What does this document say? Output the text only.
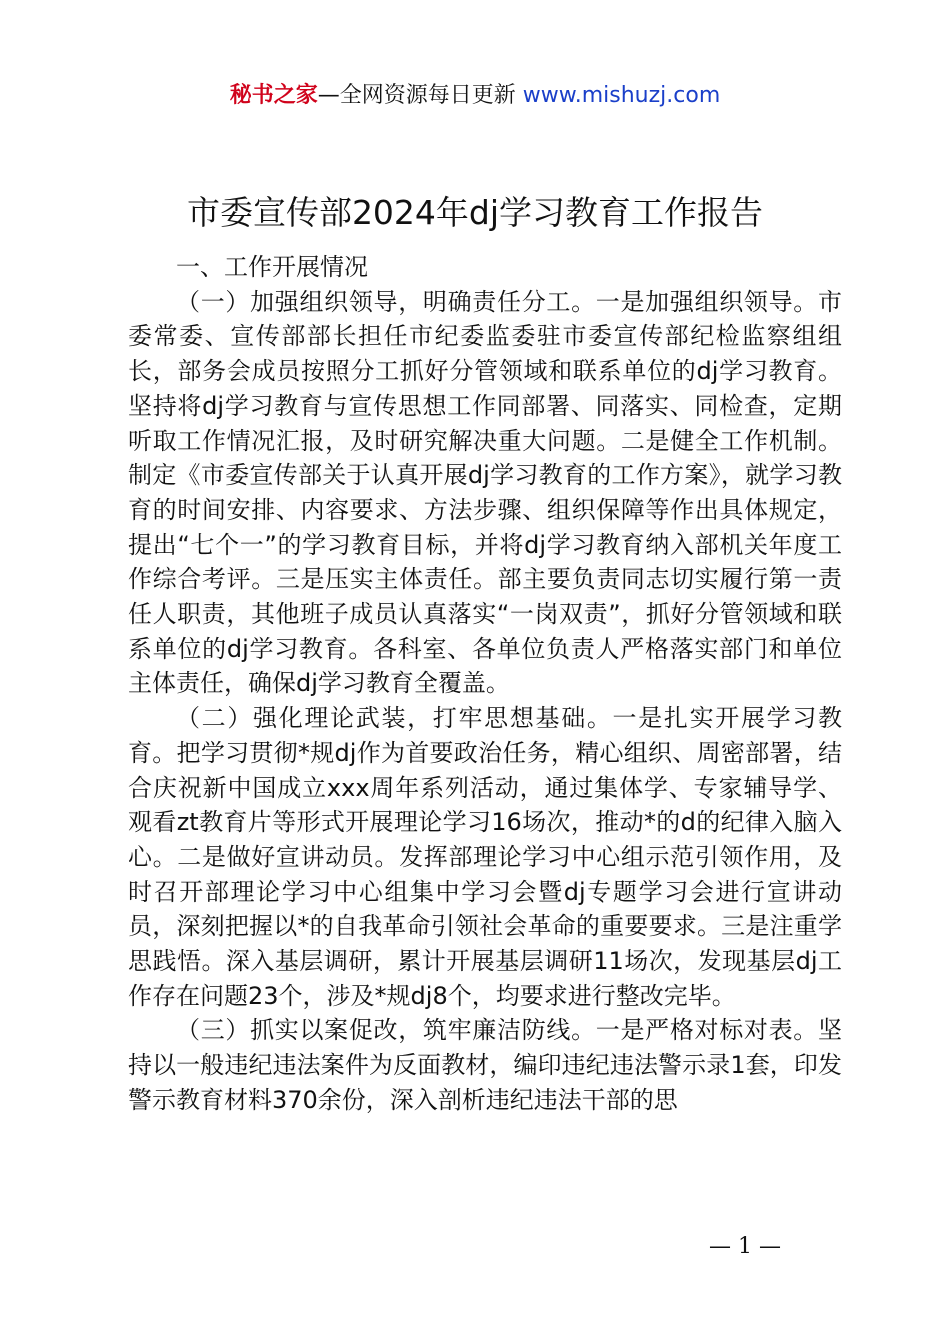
秘书之家—全网资源每日更新 www.mishuzj.com
市委宣传部2024年dj学习教育工作报告

一、工作开展情况

（一）加强组织领导，明确责任分工。一是加强组织领导。市委常委、宣传部部长担任市纪委监委驻市委宣传部纪检监察组组长，部务会成员按照分工抓好分管领域和联系单位的dj学习教育。坚持将dj学习教育与宣传思想工作同部署、同落实、同检查，定期听取工作情况汇报，及时研究解决重大问题。二是健全工作机制。制定《市委宣传部关于认真开展dj学习教育的工作方案》，就学习教育的时间安排、内容要求、方法步骤、组织保障等作出具体规定，提出“七个一”的学习教育目标，并将dj学习教育纳入部机关年度工作综合考评。三是压实主体责任。部主要负责同志切实履行第一责任人职责，其他班子成员认真落实“一岗双责”，抓好分管领域和联系单位的dj学习教育。各科室、各单位负责人严格落实部门和单位主体责任，确保dj学习教育全覆盖。

（二）强化理论武装，打牢思想基础。一是扎实开展学习教育。把学习贯彻*规dj作为首要政治任务，精心组织、周密部署，结合庆祝新中国成立xxx周年系列活动，通过集体学、专家辅导学、观看zt教育片等形式开展理论学习16场次，推动*的d的纪律入脑入心。二是做好宣讲动员。发挥部理论学习中心组示范引领作用，及时召开部理论学习中心组集中学习会暨dj专题学习会进行宣讲动员，深刻把握以*的自我革命引领社会革命的重要要求。三是注重学思践悟。深入基层调研，累计开展基层调研11场次，发现基层dj工作存在问题23个，涉及*规dj8个，均要求进行整改完毕。

（三）抓实以案促改，筑牢廉洁防线。一是严格对标对表。坚持以一般违纪违法案件为反面教材，编印违纪违法警示录1套，印发警示教育材料370余份，深入剖析违纪违法干部的思

— 1 —
